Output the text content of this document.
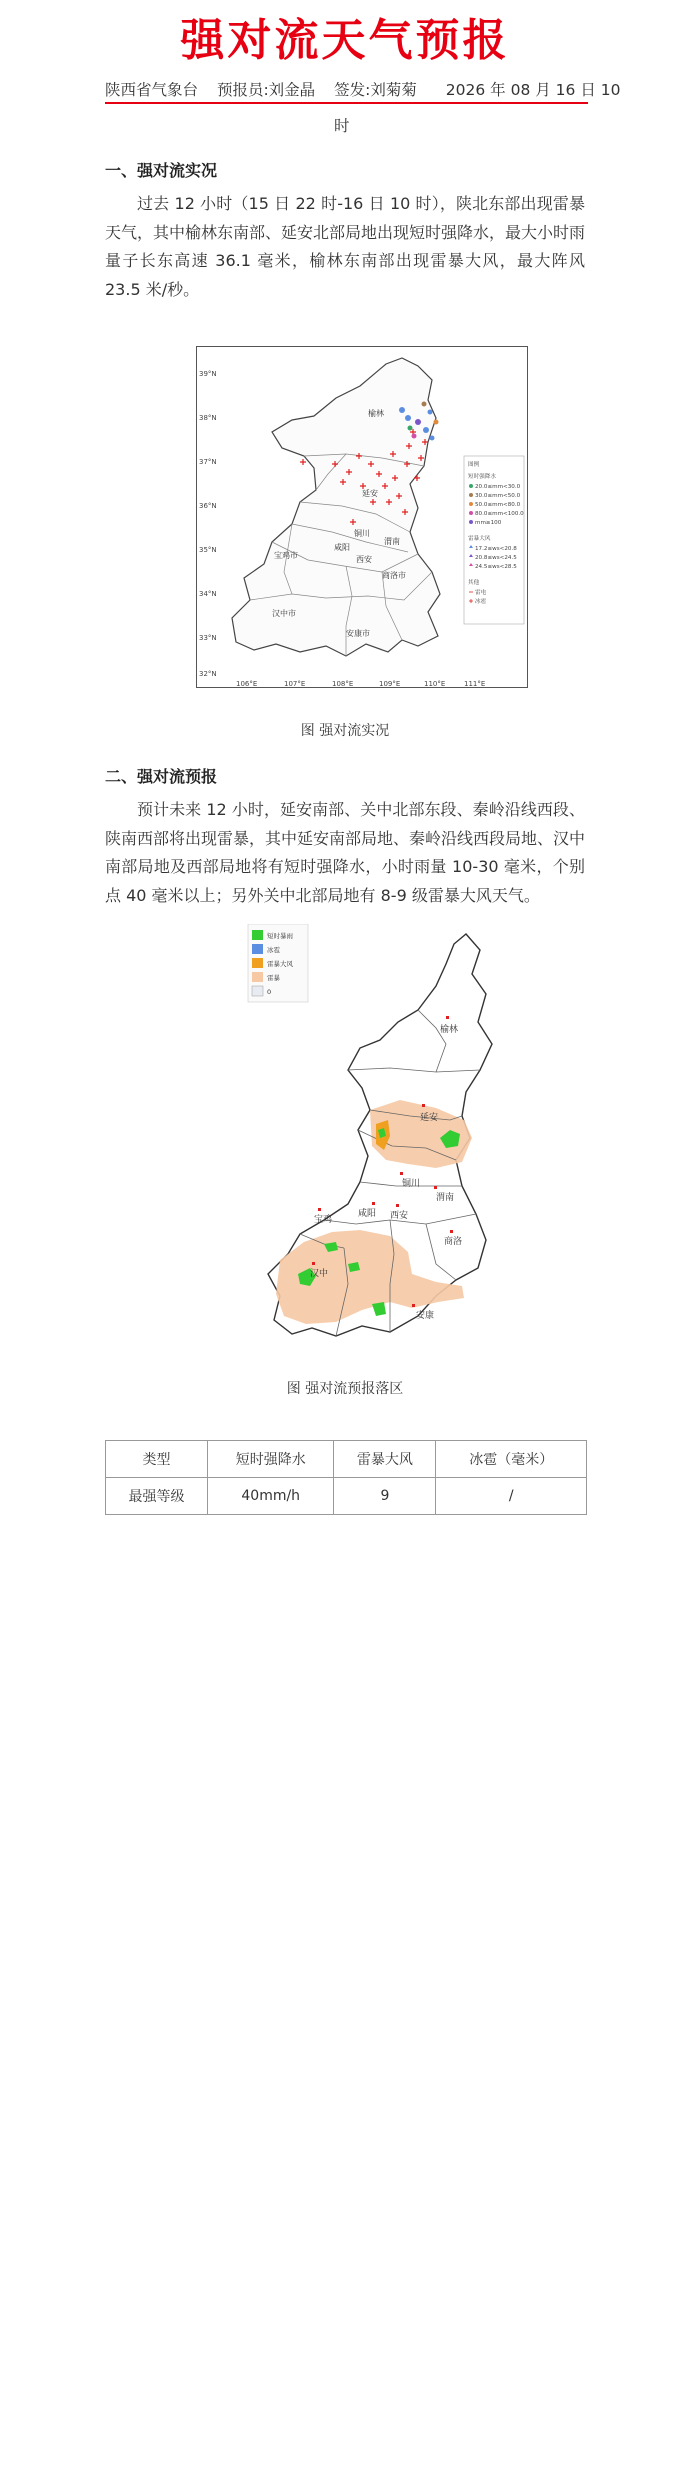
强对流天气预报
陕西省气象台 预报员:刘金晶 签发:刘菊菊 2026 年 08 月 16 日 10
时
一、强对流实况
过去 12 小时（15 日 22 时-16 日 10 时），陕北东部出现雷暴天气，其中榆林东南部、延安北部局地出现短时强降水，最大小时雨量子长东高速 36.1 毫米，榆林东南部出现雷暴大风，最大阵风 23.5 米/秒。
39°N
38°N
37°N
36°N
35°N
34°N
33°N
32°N
106°E	107°E	108°E	109°E	110°E	111°E
榆林
延安
铜川
渭南
咸阳
西安
宝鸡市
商洛市
汉中市
安康市
图例
短时强降水
20.0≤mm<30.0
30.0≤mm<50.0
50.0≤mm<80.0
80.0≤mm<100.0
mm≥100
雷暴大风
17.2≤ws<20.8
20.8≤ws<24.5
24.5≤ws<28.5
其他
雷电
冰雹
图 强对流实况
二、强对流预报
预计未来 12 小时，延安南部、关中北部东段、秦岭沿线西段、陕南西部将出现雷暴，其中延安南部局地、秦岭沿线西段局地、汉中南部局地及西部局地将有短时强降水，小时雨量 10-30 毫米，个别点 40 毫米以上；另外关中北部局地有 8-9 级雷暴大风天气。
短时暴雨
冰雹
雷暴大风
雷暴
0
榆林
延安
铜川
渭南
宝鸡
咸阳 西安
汉中
商洛
安康
图 强对流预报落区
类型	短时强降水	雷暴大风	冰雹（毫米）
最强等级	40mm/h	9	/
